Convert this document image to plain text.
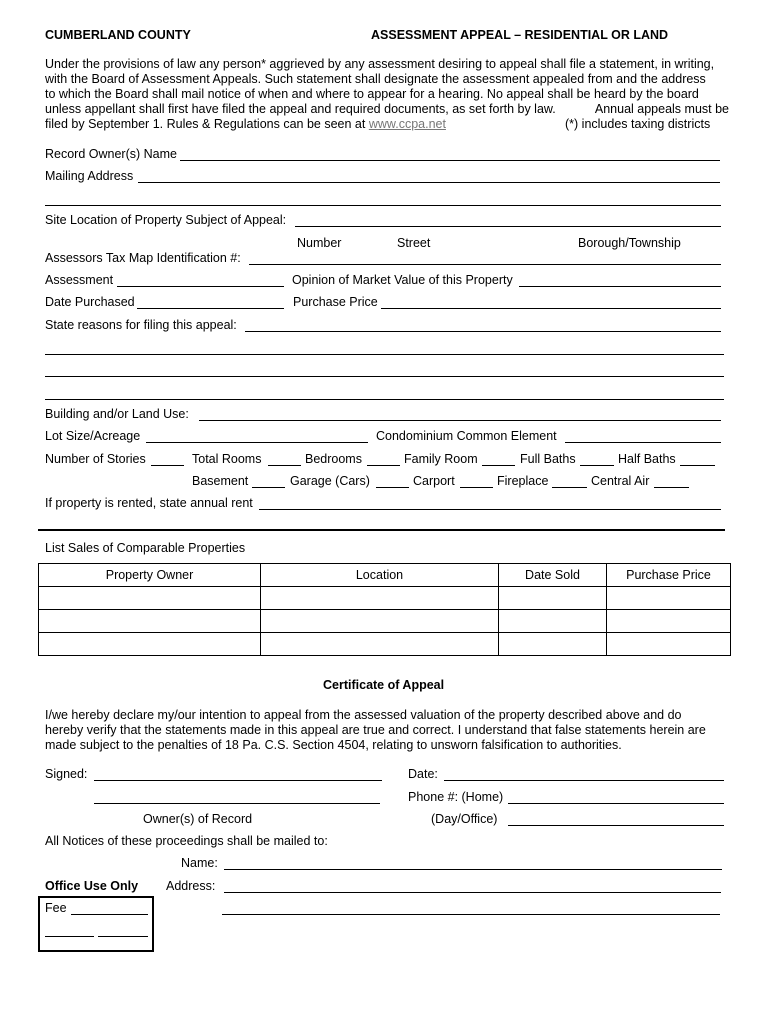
CUMBERLAND COUNTY	ASSESSMENT APPEAL – RESIDENTIAL OR LAND
Under the provisions of law any person* aggrieved by any assessment desiring to appeal shall file a statement, in writing,
with the Board of Assessment Appeals. Such statement shall designate the assessment appealed from and the address
to which the Board shall mail notice of when and where to appear for a hearing. No appeal shall be heard by the board
unless appellant shall first have filed the appeal and required documents, as set forth by law.	Annual appeals must be
filed by September 1. Rules & Regulations can be seen at www.ccpa.net	(*) includes taxing districts
Record Owner(s) Name
Mailing Address
Site Location of Property Subject of Appeal:
Number	Street	Borough/Township
Assessors Tax Map Identification #:
Assessment	Opinion of Market Value of this Property
Date Purchased	Purchase Price
State reasons for filing this appeal:
Building and/or Land Use:
Lot Size/Acreage	Condominium Common Element
Number of Stories	Total Rooms	Bedrooms	Family Room	Full Baths	Half Baths
Basement	Garage (Cars)	Carport	Fireplace	Central Air
If property is rented, state annual rent
List Sales of Comparable Properties
Property Owner	Location	Date Sold	Purchase Price

Certificate of Appeal
I/we hereby declare my/our intention to appeal from the assessed valuation of the property described above and do
hereby verify that the statements made in this appeal are true and correct. I understand that false statements herein are
made subject to the penalties of 18 Pa. C.S. Section 4504, relating to unsworn falsification to authorities.
Signed:	Date:
Phone #: (Home)
Owner(s) of Record	(Day/Office)
All Notices of these proceedings shall be mailed to:
Name:
Office Use Only Address:
Fee
